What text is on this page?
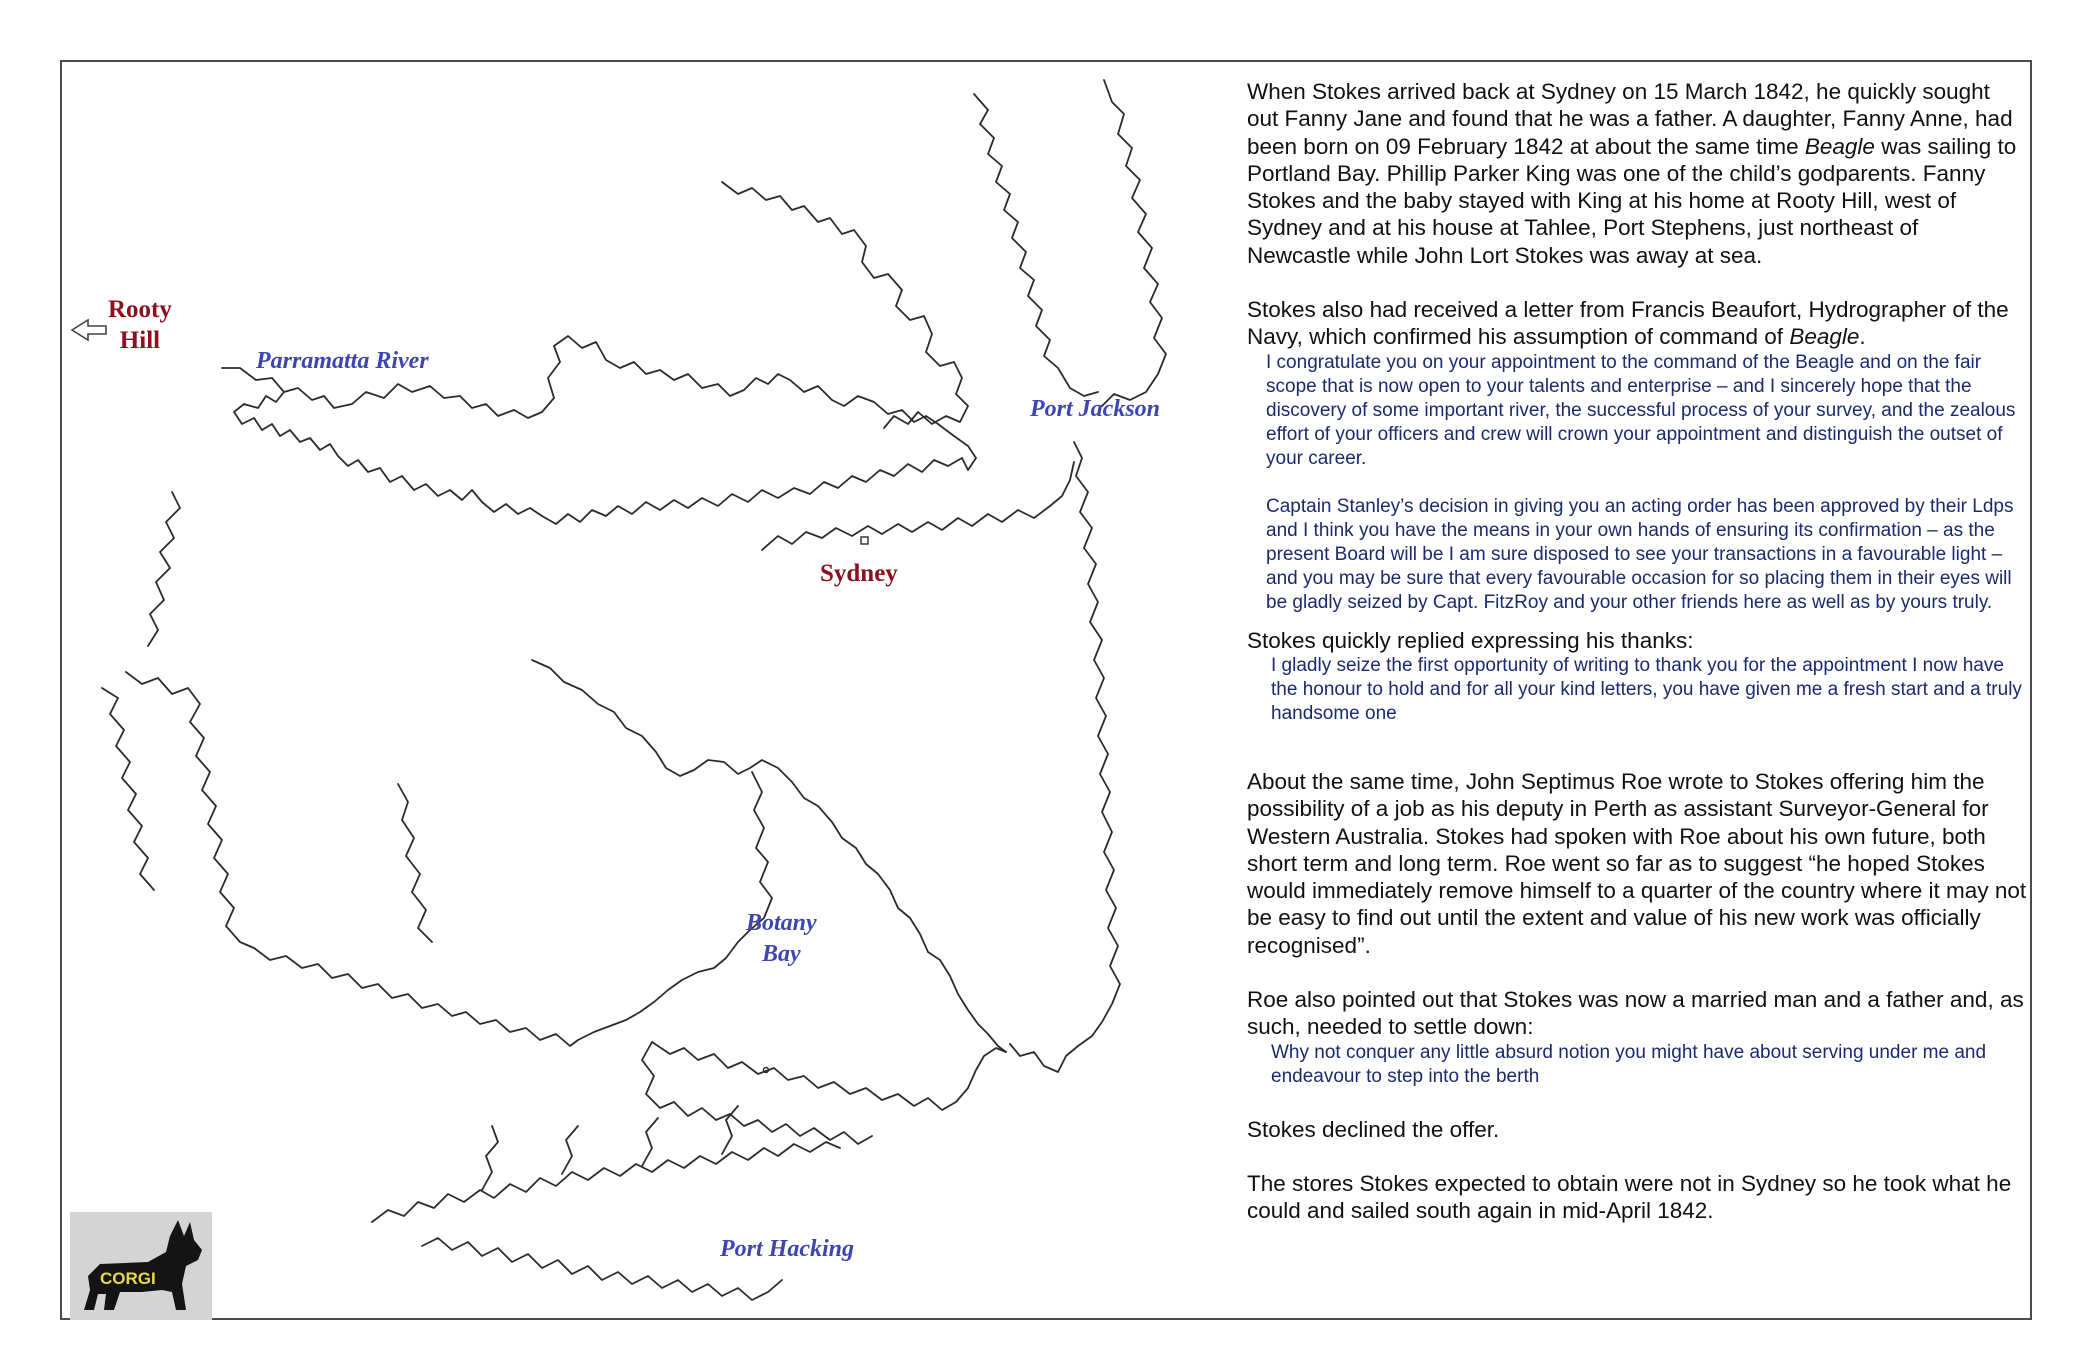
Rooty
Hill
Parramatta River
Port Jackson
Sydney
Botany
Bay
Port Hacking
CORGI

When Stokes arrived back at Sydney on 15 March 1842, he quickly sought out Fanny Jane and found that he was a father. A daughter, Fanny Anne, had been born on 09 February 1842 at about the same time Beagle was sailing to Portland Bay. Phillip Parker King was one of the child’s godparents. Fanny Stokes and the baby stayed with King at his home at Rooty Hill, west of Sydney and at his house at Tahlee, Port Stephens, just northeast of Newcastle while John Lort Stokes was away at sea.

Stokes also had received a letter from Francis Beaufort, Hydrographer of the Navy, which confirmed his assumption of command of Beagle.

I congratulate you on your appointment to the command of the Beagle and on the fair scope that is now open to your talents and enterprise – and I sincerely hope that the discovery of some important river, the successful process of your survey, and the zealous effort of your officers and crew will crown your appointment and distinguish the outset of your career.

Captain Stanley’s decision in giving you an acting order has been approved by their Ldps and I think you have the means in your own hands of ensuring its confirmation – as the present Board will be I am sure disposed to see your transactions in a favourable light – and you may be sure that every favourable occasion for so placing them in their eyes will be gladly seized by Capt. FitzRoy and your other friends here as well as by yours truly.

Stokes quickly replied expressing his thanks:

I gladly seize the first opportunity of writing to thank you for the appointment I now have the honour to hold and for all your kind letters, you have given me a fresh start and a truly handsome one

About the same time, John Septimus Roe wrote to Stokes offering him the possibility of a job as his deputy in Perth as assistant Surveyor-General for Western Australia. Stokes had spoken with Roe about his own future, both short term and long term. Roe went so far as to suggest “he hoped Stokes would immediately remove himself to a quarter of the country where it may not be easy to find out until the extent and value of his new work was officially recognised”.

Roe also pointed out that Stokes was now a married man and a father and, as such, needed to settle down:

Why not conquer any little absurd notion you might have about serving under me and endeavour to step into the berth

Stokes declined the offer.

The stores Stokes expected to obtain were not in Sydney so he took what he could and sailed south again in mid-April 1842.
